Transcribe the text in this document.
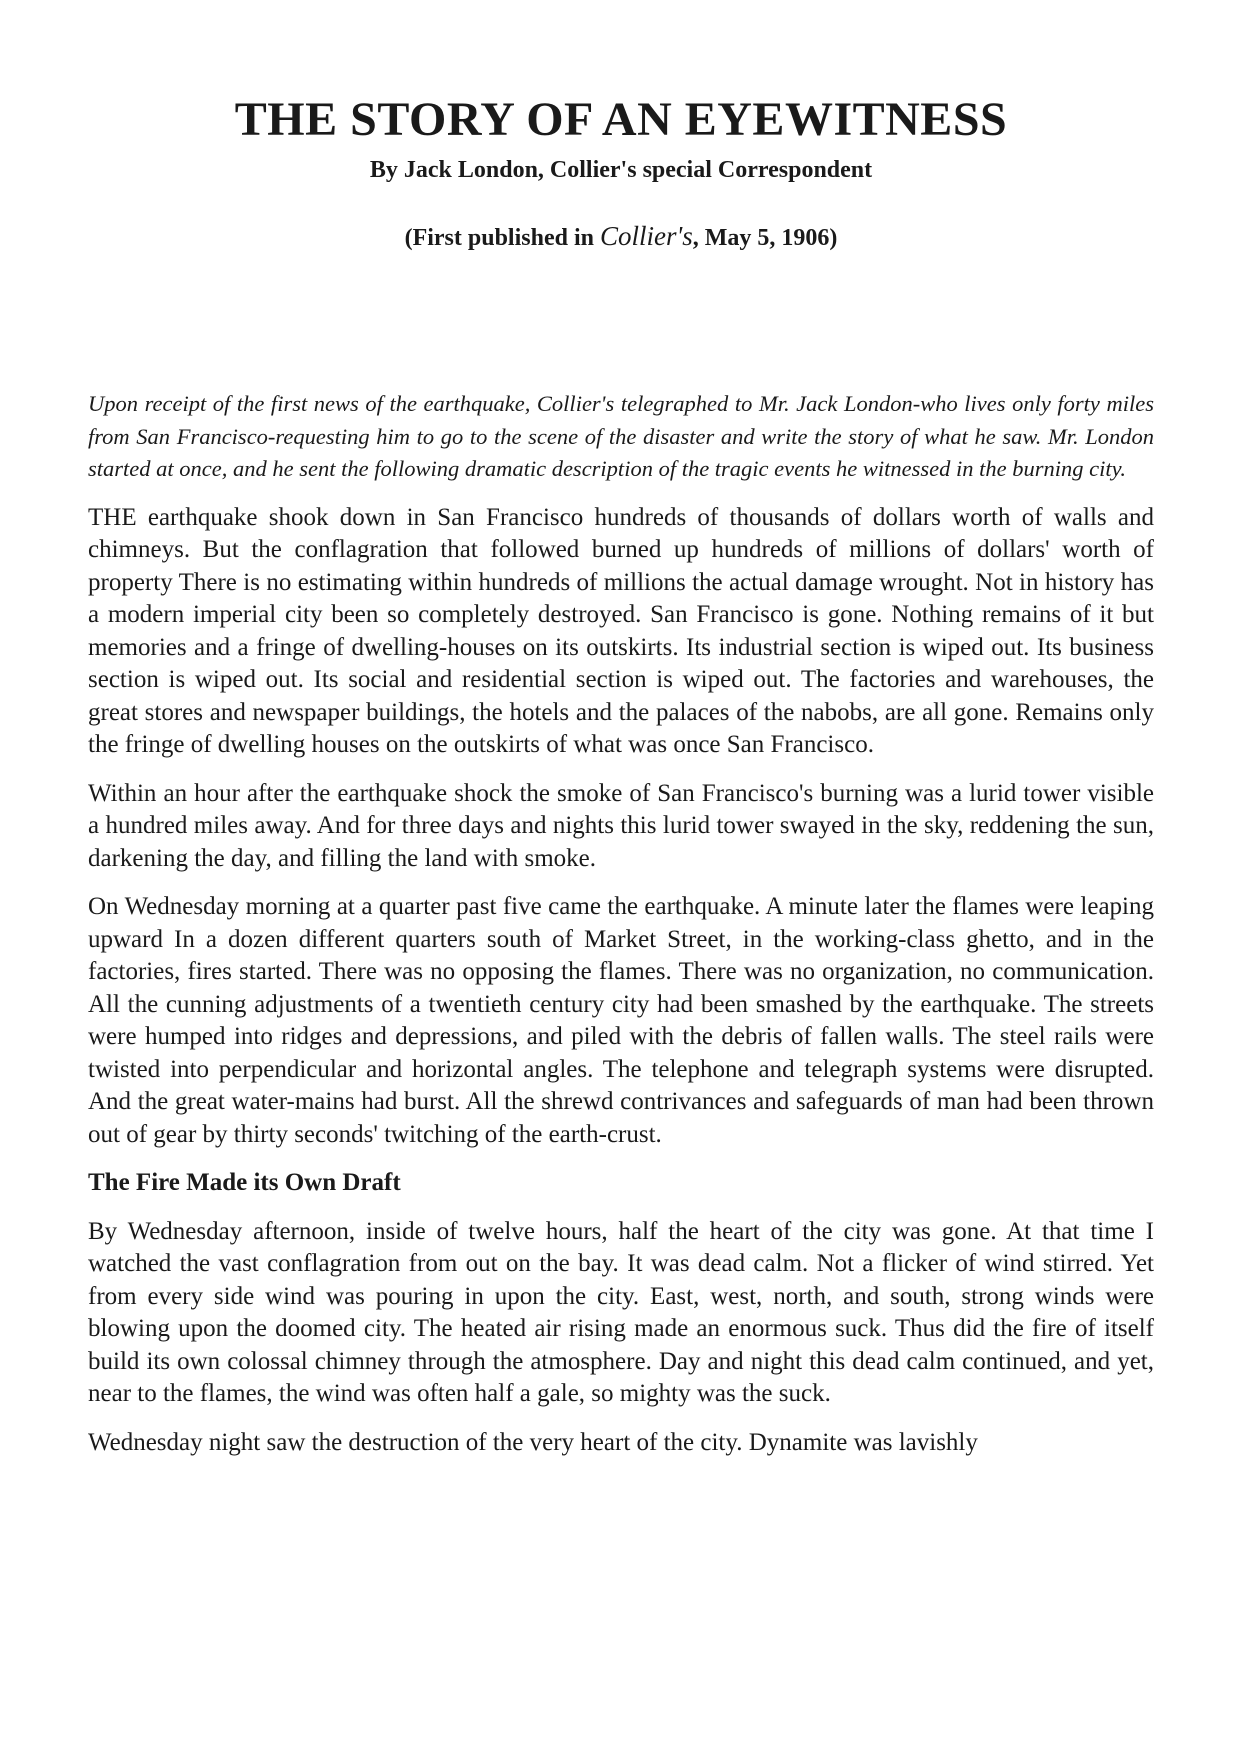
THE STORY OF AN EYEWITNESS

By Jack London, Collier's special Correspondent

(First published in Collier's, May 5, 1906)

Upon receipt of the first news of the earthquake, Collier's telegraphed to Mr. Jack London-who lives only forty miles from San Francisco-requesting him to go to the scene of the disaster and write the story of what he saw. Mr. London started at once, and he sent the following dramatic description of the tragic events he witnessed in the burning city.

THE earthquake shook down in San Francisco hundreds of thousands of dollars worth of walls and chimneys. But the conflagration that followed burned up hundreds of millions of dollars' worth of property There is no estimating within hundreds of millions the actual damage wrought. Not in history has a modern imperial city been so completely destroyed. San Francisco is gone. Nothing remains of it but memories and a fringe of dwelling-houses on its outskirts. Its industrial section is wiped out. Its business section is wiped out. Its social and residential section is wiped out. The factories and warehouses, the great stores and newspaper buildings, the hotels and the palaces of the nabobs, are all gone. Remains only the fringe of dwelling houses on the outskirts of what was once San Francisco.

Within an hour after the earthquake shock the smoke of San Francisco's burning was a lurid tower visible a hundred miles away. And for three days and nights this lurid tower swayed in the sky, reddening the sun, darkening the day, and filling the land with smoke.

On Wednesday morning at a quarter past five came the earthquake. A minute later the flames were leaping upward In a dozen different quarters south of Market Street, in the working-class ghetto, and in the factories, fires started. There was no opposing the flames. There was no organization, no communication. All the cunning adjustments of a twentieth century city had been smashed by the earthquake. The streets were humped into ridges and depressions, and piled with the debris of fallen walls. The steel rails were twisted into perpendicular and horizontal angles. The telephone and telegraph systems were disrupted. And the great water-mains had burst. All the shrewd contrivances and safeguards of man had been thrown out of gear by thirty seconds' twitching of the earth-crust.

The Fire Made its Own Draft

By Wednesday afternoon, inside of twelve hours, half the heart of the city was gone. At that time I watched the vast conflagration from out on the bay. It was dead calm. Not a flicker of wind stirred. Yet from every side wind was pouring in upon the city. East, west, north, and south, strong winds were blowing upon the doomed city. The heated air rising made an enormous suck. Thus did the fire of itself build its own colossal chimney through the atmosphere. Day and night this dead calm continued, and yet, near to the flames, the wind was often half a gale, so mighty was the suck.

Wednesday night saw the destruction of the very heart of the city. Dynamite was lavishly
